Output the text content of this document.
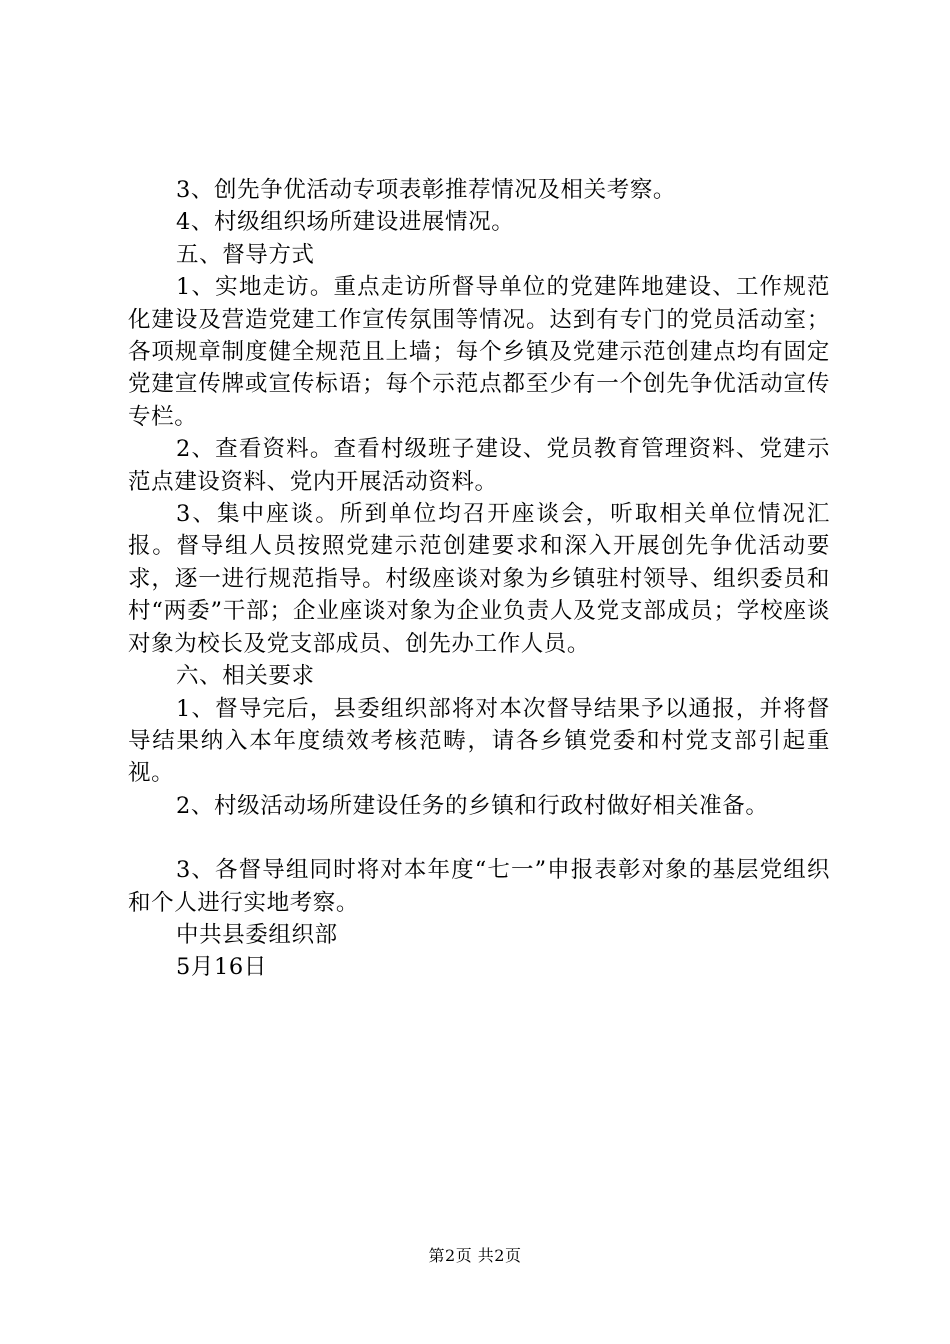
3、创先争优活动专项表彰推荐情况及相关考察。

4、村级组织场所建设进展情况。

五、督导方式

1、实地走访。重点走访所督导单位的党建阵地建设、工作规范化建设及营造党建工作宣传氛围等情况。达到有专门的党员活动室；各项规章制度健全规范且上墙；每个乡镇及党建示范创建点均有固定党建宣传牌或宣传标语；每个示范点都至少有一个创先争优活动宣传专栏。

2、查看资料。查看村级班子建设、党员教育管理资料、党建示范点建设资料、党内开展活动资料。

3、集中座谈。所到单位均召开座谈会，听取相关单位情况汇报。督导组人员按照党建示范创建要求和深入开展创先争优活动要求，逐一进行规范指导。村级座谈对象为乡镇驻村领导、组织委员和村“两委”干部；企业座谈对象为企业负责人及党支部成员；学校座谈对象为校长及党支部成员、创先办工作人员。

六、相关要求

1、督导完后，县委组织部将对本次督导结果予以通报，并将督导结果纳入本年度绩效考核范畴，请各乡镇党委和村党支部引起重视。

2、村级活动场所建设任务的乡镇和行政村做好相关准备。

3、各督导组同时将对本年度“七一”申报表彰对象的基层党组织和个人进行实地考察。

中共县委组织部

5月16日

第2页 共2页
